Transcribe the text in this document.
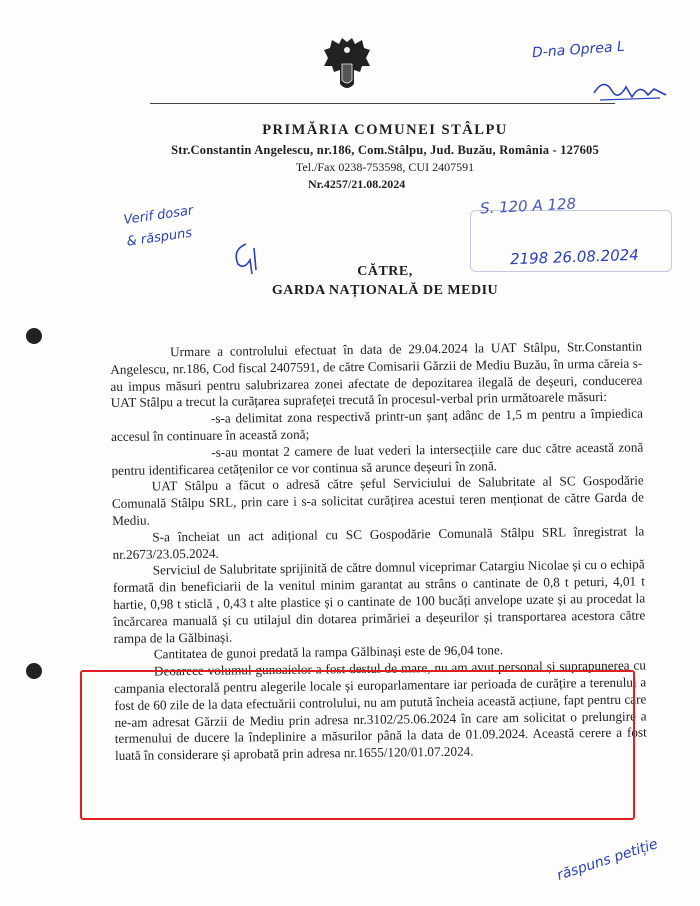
PRIMĂRIA COMUNEI STÂLPU
Str.Constantin Angelescu, nr.186, Com.Stâlpu, Jud. Buzău, România - 127605
Tel./Fax 0238-753598, CUI 2407591
Nr.4257/21.08.2024
S. 120 A 128
2198 26.08.2024
D-na Oprea L
Verif dosar
& răspuns
CĂTRE,
GARDA NAȚIONALĂ DE MEDIU

Urmare a controlului efectuat în data de 29.04.2024 la UAT Stâlpu, Str.Constantin Angelescu, nr.186, Cod fiscal 2407591, de către Comisarii Gărzii de Mediu Buzău, în urma căreia s-au impus măsuri pentru salubrizarea zonei afectate de depozitarea ilegală de deșeuri, conducerea UAT Stâlpu a trecut la curățarea suprafeței trecută în procesul-verbal prin următoarele măsuri:

-s-a delimitat zona respectivă printr-un șanț adânc de 1,5 m pentru a împiedica accesul în continuare în această zonă;

-s-au montat 2 camere de luat vederi la intersecțiile care duc către această zonă pentru identificarea cetățenilor ce vor continua să arunce deșeuri în zonă.

UAT Stâlpu a făcut o adresă către șeful Serviciului de Salubritate al SC Gospodărie Comunală Stâlpu SRL, prin care i s-a solicitat curățirea acestui teren menționat de către Garda de Mediu.

S-a încheiat un act adițional cu SC Gospodărie Comunală Stâlpu SRL înregistrat la nr.2673/23.05.2024.

Serviciul de Salubritate sprijinită de către domnul viceprimar Catargiu Nicolae și cu o echipă formată din beneficiarii de la venitul minim garantat au strâns o cantinate de 0,8 t peturi, 4,01 t hartie, 0,98 t sticlă , 0,43 t alte plastice și o cantinate de 100 bucăți anvelope uzate și au procedat la încărcarea manuală și cu utilajul din dotarea primăriei a deșeurilor și transportarea acestora către rampa de la Gălbinași.

Cantitatea de gunoi predată la rampa Gălbinași este de 96,04 tone.

Deoarece volumul gunoaielor a fost destul de mare, nu am avut personal și suprapunerea cu campania electorală pentru alegerile locale și europarlamentare iar perioada de curățire a terenului a fost de 60 zile de la data efectuării controlului, nu am putută încheia această acțiune, fapt pentru care ne-am adresat Gărzii de Mediu prin adresa nr.3102/25.06.2024 în care am solicitat o prelungire a termenului de ducere la îndeplinire a măsurilor până la data de 01.09.2024. Această cerere a fost luată în considerare și aprobată prin adresa nr.1655/120/01.07.2024.

răspuns petiție
